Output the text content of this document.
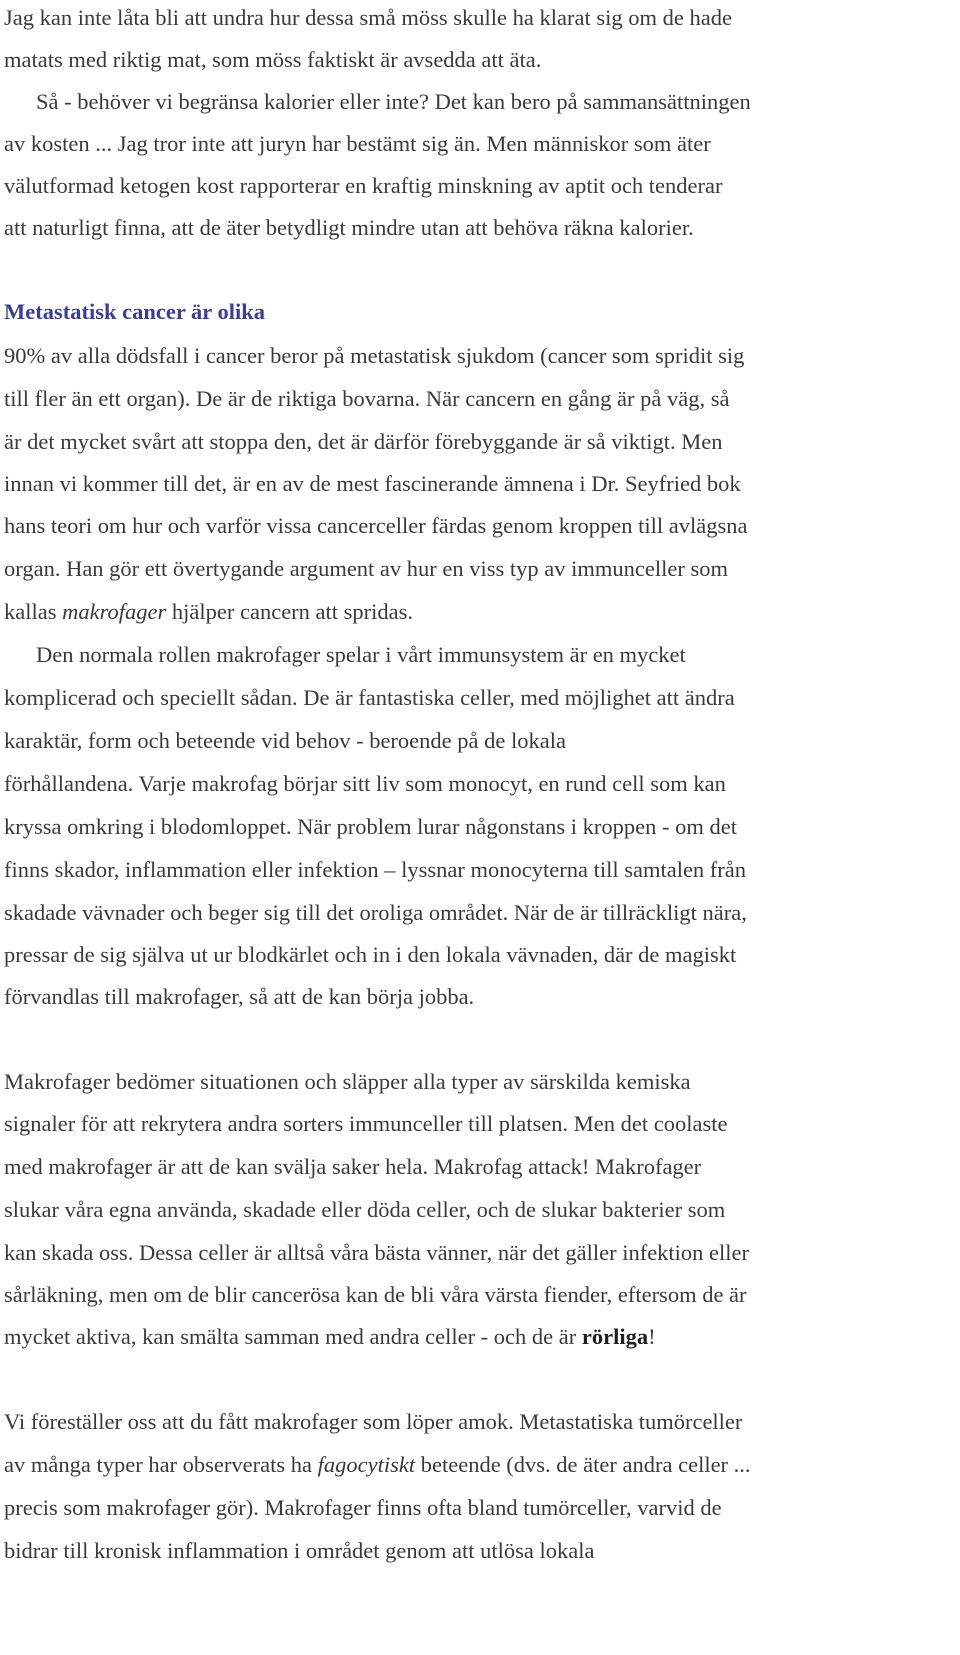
Jag kan inte låta bli att undra hur dessa små möss skulle ha klarat sig om de hade
matats med riktig mat, som möss faktiskt är avsedda att äta.
Så - behöver vi begränsa kalorier eller inte? Det kan bero på sammansättningen
av kosten ... Jag tror inte att juryn har bestämt sig än. Men människor som äter
välutformad ketogen kost rapporterar en kraftig minskning av aptit och tenderar
att naturligt finna, att de äter betydligt mindre utan att behöva räkna kalorier.
Metastatisk cancer är olika
90% av alla dödsfall i cancer beror på metastatisk sjukdom (cancer som spridit sig
till fler än ett organ). De är de riktiga bovarna. När cancern en gång är på väg, så
är det mycket svårt att stoppa den, det är därför förebyggande är så viktigt. Men
innan vi kommer till det, är en av de mest fascinerande ämnena i Dr. Seyfried bok
hans teori om hur och varför vissa cancerceller färdas genom kroppen till avlägsna
organ. Han gör ett övertygande argument av hur en viss typ av immunceller som
kallas makrofager hjälper cancern att spridas.
Den normala rollen makrofager spelar i vårt immunsystem är en mycket
komplicerad och speciellt sådan. De är fantastiska celler, med möjlighet att ändra
karaktär, form och beteende vid behov - beroende på de lokala
förhållandena. Varje makrofag börjar sitt liv som monocyt, en rund cell som kan
kryssa omkring i blodomloppet. När problem lurar någonstans i kroppen - om det
finns skador, inflammation eller infektion – lyssnar monocyterna till samtalen från
skadade vävnader och beger sig till det oroliga området. När de är tillräckligt nära,
pressar de sig själva ut ur blodkärlet och in i den lokala vävnaden, där de magiskt
förvandlas till makrofager, så att de kan börja jobba.
Makrofager bedömer situationen och släpper alla typer av särskilda kemiska
signaler för att rekrytera andra sorters immunceller till platsen. Men det coolaste
med makrofager är att de kan svälja saker hela. Makrofag attack! Makrofager
slukar våra egna använda, skadade eller döda celler, och de slukar bakterier som
kan skada oss. Dessa celler är alltså våra bästa vänner, när det gäller infektion eller
sårläkning, men om de blir cancerösa kan de bli våra värsta fiender, eftersom de är
mycket aktiva, kan smälta samman med andra celler - och de är rörliga!
Vi föreställer oss att du fått makrofager som löper amok. Metastatiska tumörceller
av många typer har observerats ha fagocytiskt beteende (dvs. de äter andra celler ...
precis som makrofager gör). Makrofager finns ofta bland tumörceller, varvid de
bidrar till kronisk inflammation i området genom att utlösa lokala
